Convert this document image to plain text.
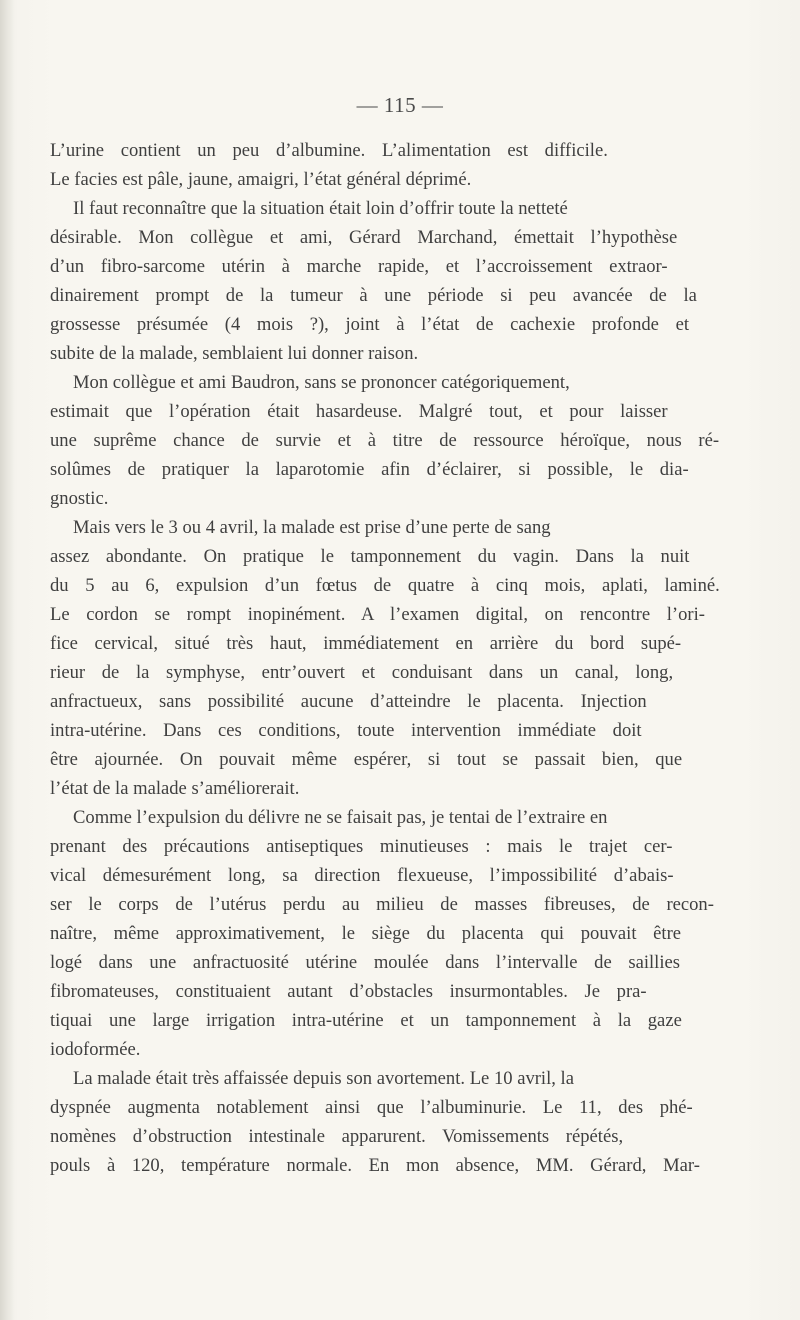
— 115 —
L’urine contient un peu d’albumine. L’alimentation est difficile.
Le facies est pâle, jaune, amaigri, l’état général déprimé.
Il faut reconnaître que la situation était loin d’offrir toute la netteté
désirable. Mon collègue et ami, Gérard Marchand, émettait l’hypothèse
d’un fibro-sarcome utérin à marche rapide, et l’accroissement extraor-
dinairement prompt de la tumeur à une période si peu avancée de la
grossesse présumée (4 mois ?), joint à l’état de cachexie profonde et
subite de la malade, semblaient lui donner raison.
Mon collègue et ami Baudron, sans se prononcer catégoriquement,
estimait que l’opération était hasardeuse. Malgré tout, et pour laisser
une suprême chance de survie et à titre de ressource héroïque, nous ré-
solûmes de pratiquer la laparotomie afin d’éclairer, si possible, le dia-
gnostic.
Mais vers le 3 ou 4 avril, la malade est prise d’une perte de sang
assez abondante. On pratique le tamponnement du vagin. Dans la nuit
du 5 au 6, expulsion d’un fœtus de quatre à cinq mois, aplati, laminé.
Le cordon se rompt inopinément. A l’examen digital, on rencontre l’ori-
fice cervical, situé très haut, immédiatement en arrière du bord supé-
rieur de la symphyse, entr’ouvert et conduisant dans un canal, long,
anfractueux, sans possibilité aucune d’atteindre le placenta. Injection
intra-utérine. Dans ces conditions, toute intervention immédiate doit
être ajournée. On pouvait même espérer, si tout se passait bien, que
l’état de la malade s’améliorerait.
Comme l’expulsion du délivre ne se faisait pas, je tentai de l’extraire en
prenant des précautions antiseptiques minutieuses : mais le trajet cer-
vical démesurément long, sa direction flexueuse, l’impossibilité d’abais-
ser le corps de l’utérus perdu au milieu de masses fibreuses, de recon-
naître, même approximativement, le siège du placenta qui pouvait être
logé dans une anfractuosité utérine moulée dans l’intervalle de saillies
fibromateuses, constituaient autant d’obstacles insurmontables. Je pra-
tiquai une large irrigation intra-utérine et un tamponnement à la gaze
iodoformée.
La malade était très affaissée depuis son avortement. Le 10 avril, la
dyspnée augmenta notablement ainsi que l’albuminurie. Le 11, des phé-
nomènes d’obstruction intestinale apparurent. Vomissements répétés,
pouls à 120, température normale. En mon absence, MM. Gérard, Mar-
